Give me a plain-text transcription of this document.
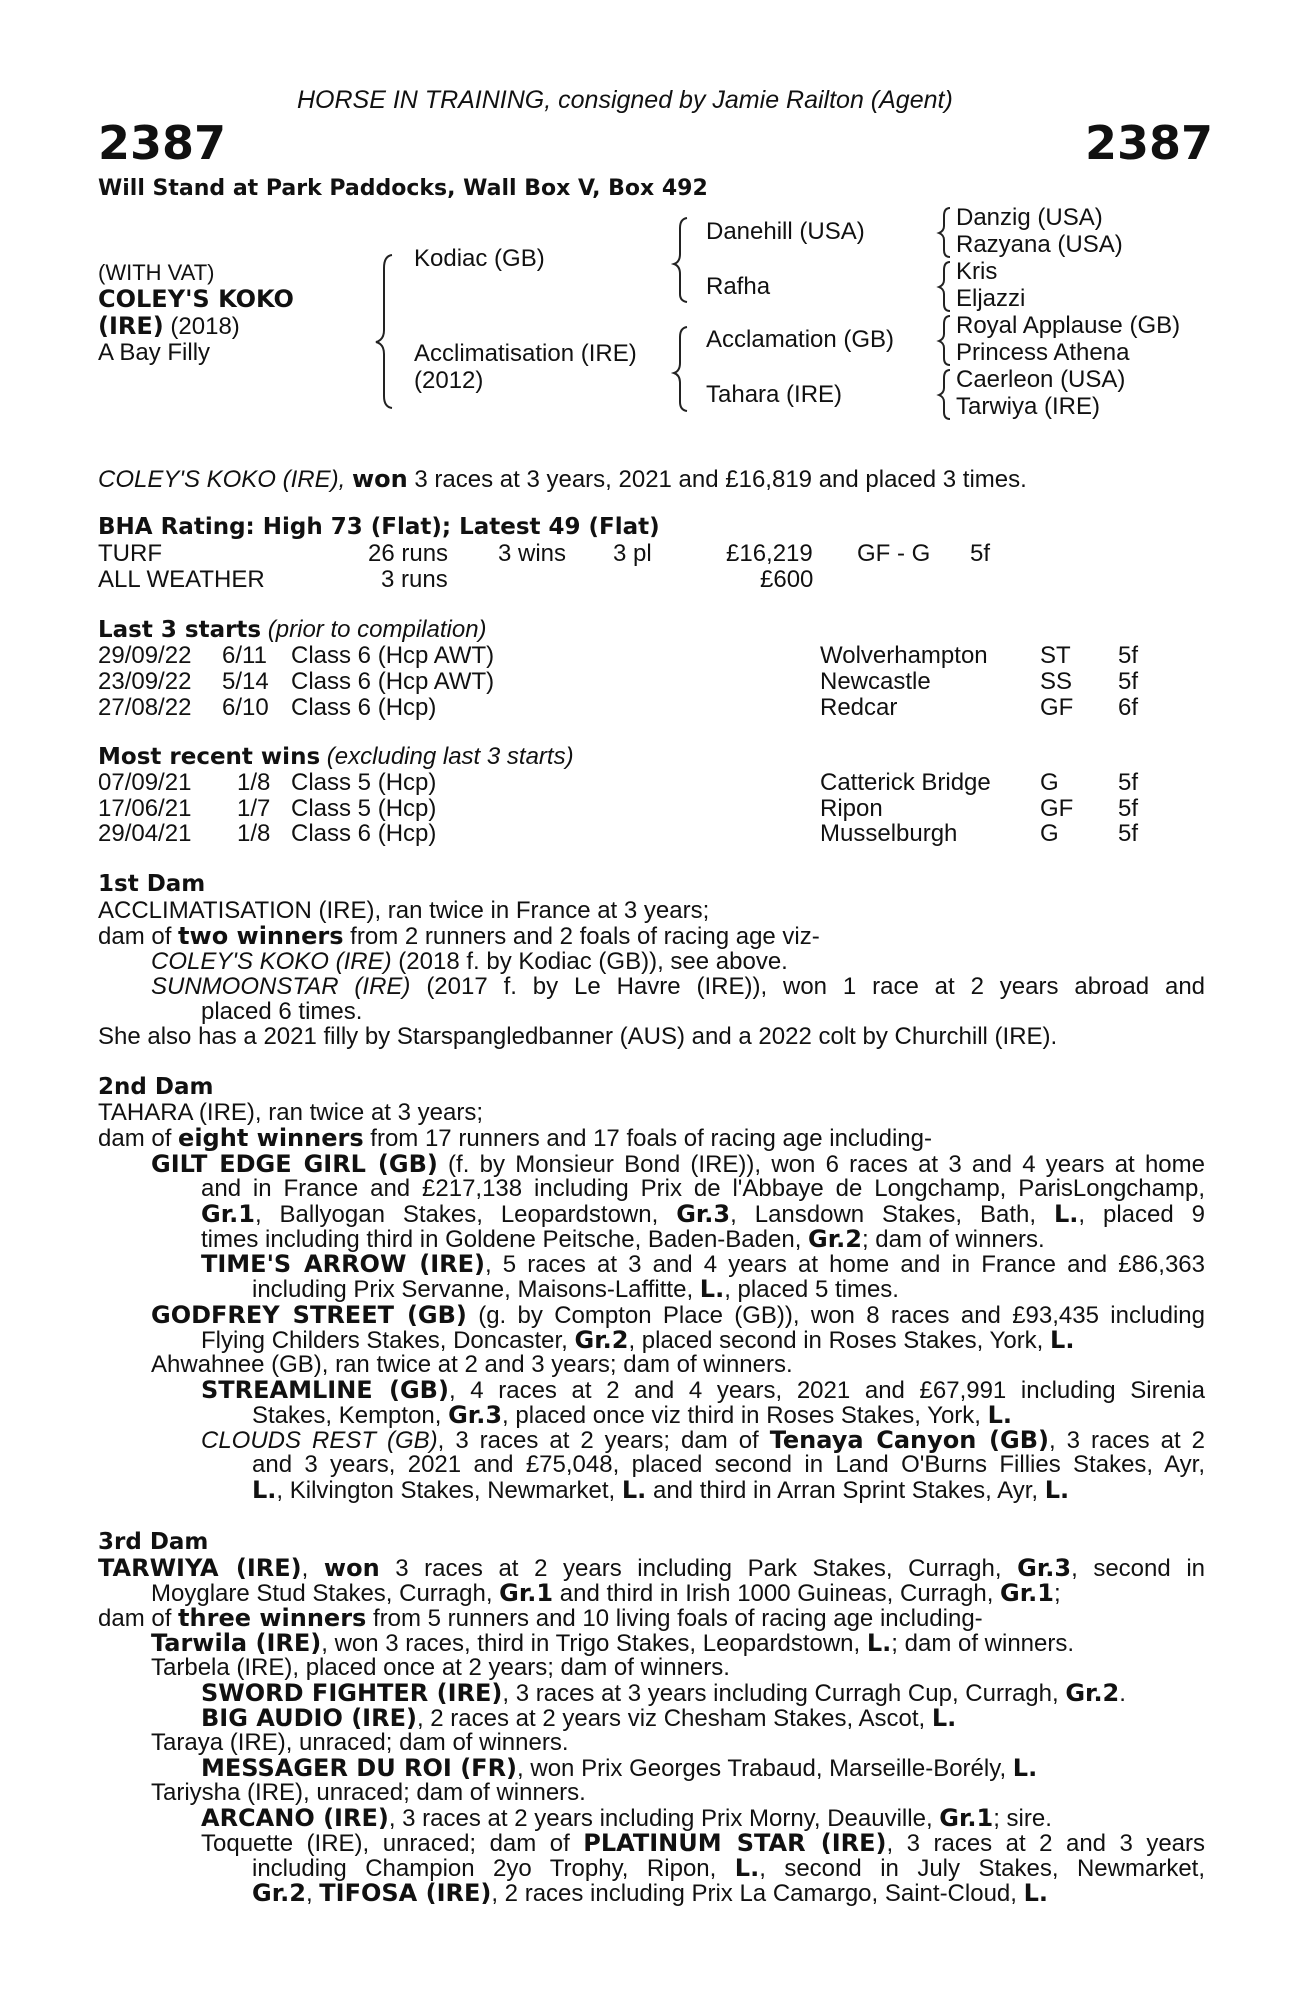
HORSE IN TRAINING, consigned by Jamie Railton (Agent)
2387	2387
Will Stand at Park Paddocks, Wall Box V, Box 492
(WITH VAT)
COLEY'S KOKO
(IRE) (2018)
A Bay Filly
Kodiac (GB)
Acclimatisation (IRE)
(2012)
Danehill (USA)
Rafha
Acclamation (GB)
Tahara (IRE)
Danzig (USA)
Razyana (USA)
Kris
Eljazzi
Royal Applause (GB)
Princess Athena
Caerleon (USA)
Tarwiya (IRE)
COLEY'S KOKO (IRE), won 3 races at 3 years, 2021 and £16,819 and placed 3 times.
BHA Rating: High 73 (Flat); Latest 49 (Flat)
TURF	26 runs 3 wins 3 pl	£16,219 GF - G 5f
ALL WEATHER	3 runs	£600
Last 3 starts (prior to compilation)
29/09/22 6/11 Class 6 (Hcp AWT)	Wolverhampton ST 5f
23/09/22 5/14 Class 6 (Hcp AWT)	Newcastle	SS 5f
27/08/22 6/10 Class 6 (Hcp)	Redcar	GF 6f
Most recent wins (excluding last 3 starts)
07/09/21 1/8 Class 5 (Hcp)	Catterick Bridge G 5f
17/06/21 1/7 Class 5 (Hcp)	Ripon	GF 5f
29/04/21 1/8 Class 6 (Hcp)	Musselburgh	G 5f
1st Dam
ACCLIMATISATION (IRE), ran twice in France at 3 years;
dam of two winners from 2 runners and 2 foals of racing age viz-
COLEY'S KOKO (IRE) (2018 f. by Kodiac (GB)), see above.
SUNMOONSTAR (IRE) (2017 f. by Le Havre (IRE)), won 1 race at 2 years abroad and
placed 6 times.
She also has a 2021 filly by Starspangledbanner (AUS) and a 2022 colt by Churchill (IRE).
2nd Dam
TAHARA (IRE), ran twice at 3 years;
dam of eight winners from 17 runners and 17 foals of racing age including-
GILT EDGE GIRL (GB) (f. by Monsieur Bond (IRE)), won 6 races at 3 and 4 years at home
and in France and £217,138 including Prix de l'Abbaye de Longchamp, ParisLongchamp,
Gr.1, Ballyogan Stakes, Leopardstown, Gr.3, Lansdown Stakes, Bath, L., placed 9
times including third in Goldene Peitsche, Baden-Baden, Gr.2; dam of winners.
TIME'S ARROW (IRE), 5 races at 3 and 4 years at home and in France and £86,363
including Prix Servanne, Maisons-Laffitte, L., placed 5 times.
GODFREY STREET (GB) (g. by Compton Place (GB)), won 8 races and £93,435 including
Flying Childers Stakes, Doncaster, Gr.2, placed second in Roses Stakes, York, L.
Ahwahnee (GB), ran twice at 2 and 3 years; dam of winners.
STREAMLINE (GB), 4 races at 2 and 4 years, 2021 and £67,991 including Sirenia
Stakes, Kempton, Gr.3, placed once viz third in Roses Stakes, York, L.
CLOUDS REST (GB), 3 races at 2 years; dam of Tenaya Canyon (GB), 3 races at 2
and 3 years, 2021 and £75,048, placed second in Land O'Burns Fillies Stakes, Ayr,
L., Kilvington Stakes, Newmarket, L. and third in Arran Sprint Stakes, Ayr, L.
3rd Dam
TARWIYA (IRE), won 3 races at 2 years including Park Stakes, Curragh, Gr.3, second in
Moyglare Stud Stakes, Curragh, Gr.1 and third in Irish 1000 Guineas, Curragh, Gr.1;
dam of three winners from 5 runners and 10 living foals of racing age including-
Tarwila (IRE), won 3 races, third in Trigo Stakes, Leopardstown, L.; dam of winners.
Tarbela (IRE), placed once at 2 years; dam of winners.
SWORD FIGHTER (IRE), 3 races at 3 years including Curragh Cup, Curragh, Gr.2.
BIG AUDIO (IRE), 2 races at 2 years viz Chesham Stakes, Ascot, L.
Taraya (IRE), unraced; dam of winners.
MESSAGER DU ROI (FR), won Prix Georges Trabaud, Marseille-Borély, L.
Tariysha (IRE), unraced; dam of winners.
ARCANO (IRE), 3 races at 2 years including Prix Morny, Deauville, Gr.1; sire.
Toquette (IRE), unraced; dam of PLATINUM STAR (IRE), 3 races at 2 and 3 years
including Champion 2yo Trophy, Ripon, L., second in July Stakes, Newmarket,
Gr.2, TIFOSA (IRE), 2 races including Prix La Camargo, Saint-Cloud, L.
